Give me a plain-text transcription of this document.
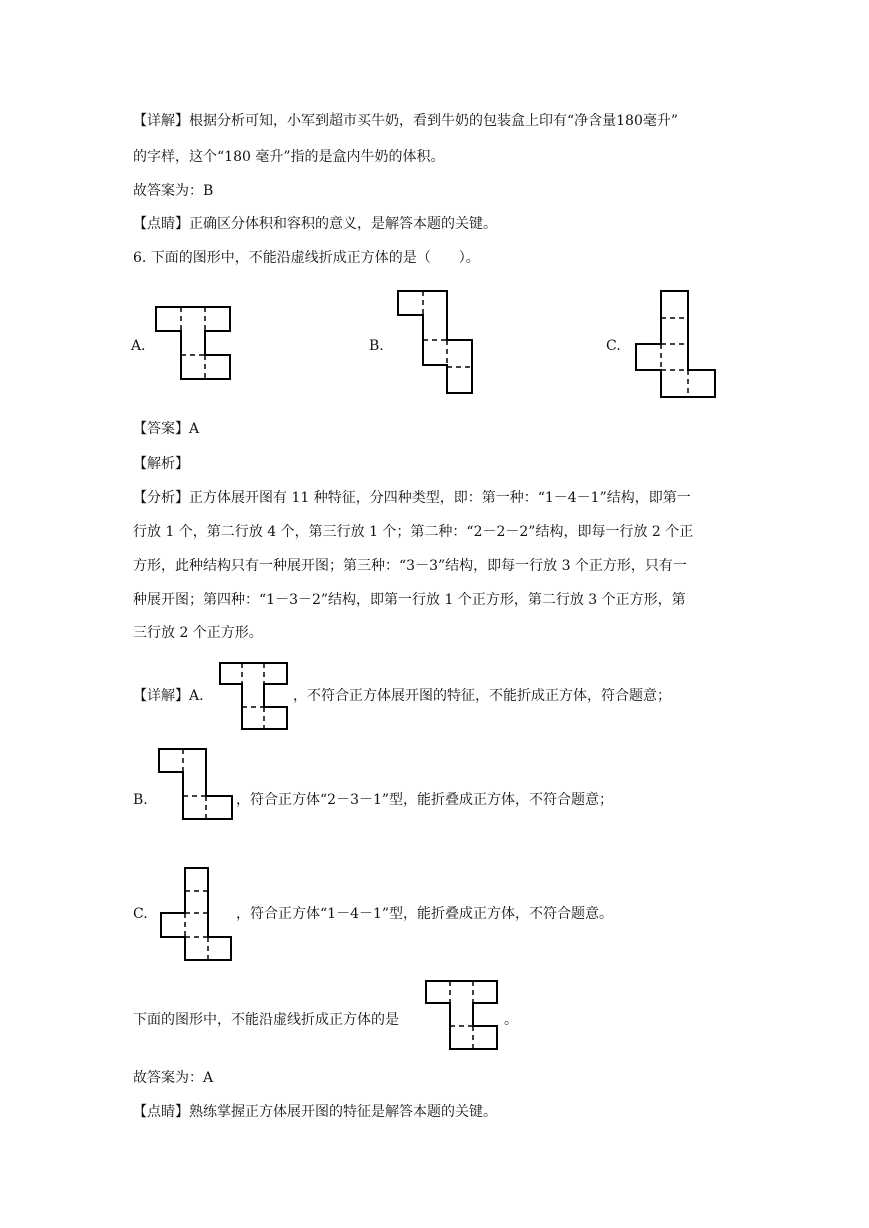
【详解】根据分析可知，小军到超市买牛奶，看到牛奶的包装盒上印有“净含量180毫升”
的字样，这个“180 毫升”指的是盒内牛奶的体积。
故答案为：B
【点睛】正确区分体积和容积的意义，是解答本题的关键。
6. 下面的图形中，不能沿虚线折成正方体的是（　　）。
A．	B.	C.
【答案】A
【解析】
【分析】正方体展开图有 11 种特征，分四种类型，即：第一种：“1－4－1”结构，即第一
行放 1 个，第二行放 4 个，第三行放 1 个；第二种：“2－2－2”结构，即每一行放 2 个正
方形，此种结构只有一种展开图；第三种：“3－3”结构，即每一行放 3 个正方形，只有一
种展开图；第四种：“1－3－2”结构，即第一行放 1 个正方形，第二行放 3 个正方形，第
三行放 2 个正方形。
【详解】A.	，不符合正方体展开图的特征，不能折成正方体，符合题意；
B.	，符合正方体“2－3－1”型，能折叠成正方体，不符合题意；
C.	，符合正方体“1－4－1”型，能折叠成正方体，不符合题意。
下面的图形中，不能沿虚线折成正方体的是	。
故答案为：A
【点睛】熟练掌握正方体展开图的特征是解答本题的关键。
